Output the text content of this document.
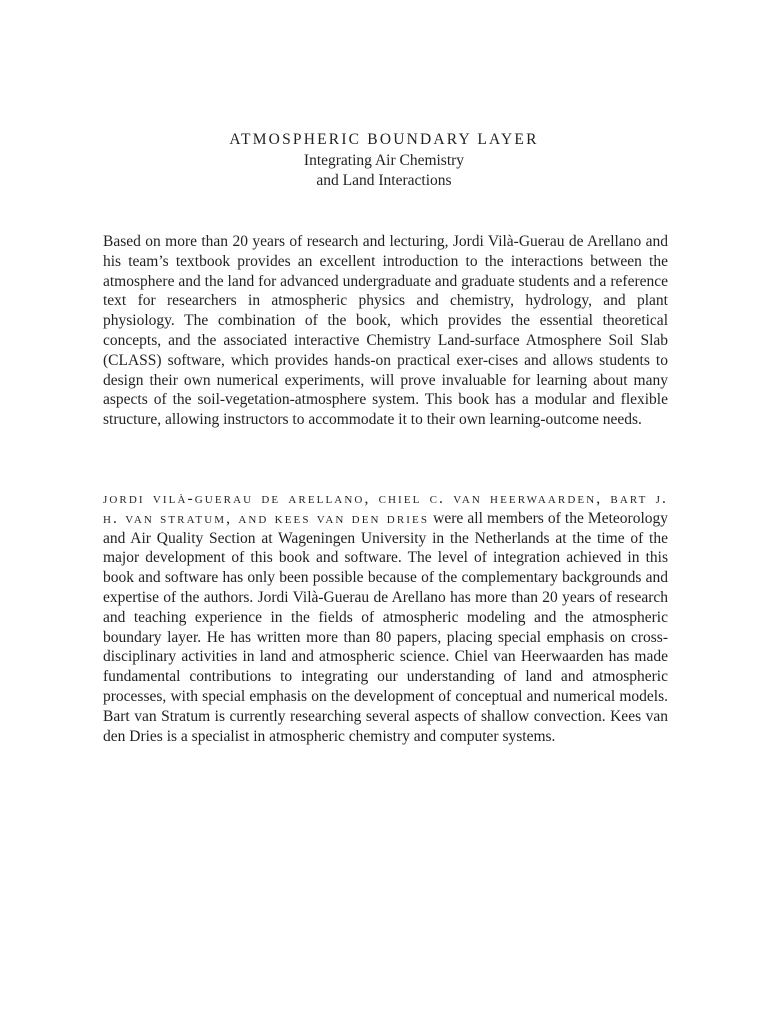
ATMOSPHERIC BOUNDARY LAYER
Integrating Air Chemistry
and Land Interactions

Based on more than 20 years of research and lecturing, Jordi Vilà-Guerau de Arellano and his team’s textbook provides an excellent introduction to the interactions between the atmosphere and the land for advanced undergraduate and graduate students and a reference text for researchers in atmospheric physics and chemistry, hydrology, and plant physiology. The combination of the book, which provides the essential theoretical concepts, and the associated interactive Chemistry Land-surface Atmosphere Soil Slab (CLASS) software, which provides hands-on practical exer-cises and allows students to design their own numerical experiments, will prove invaluable for learning about many aspects of the soil-vegetation-atmosphere system. This book has a modular and flexible structure, allowing instructors to accommodate it to their own learning-outcome needs.

jordi vilà-guerau de arellano, chiel c. van heerwaarden, bart j. h. van stratum, and kees van den dries were all members of the Meteorology and Air Quality Section at Wageningen University in the Netherlands at the time of the major development of this book and software. The level of integration achieved in this book and software has only been possible because of the complementary backgrounds and expertise of the authors. Jordi Vilà-Guerau de Arellano has more than 20 years of research and teaching experience in the fields of atmospheric modeling and the atmospheric boundary layer. He has written more than 80 papers, placing special emphasis on cross-disciplinary activities in land and atmospheric science. Chiel van Heerwaarden has made fundamental contributions to integrating our understanding of land and atmospheric processes, with special emphasis on the development of conceptual and numerical models. Bart van Stratum is currently researching several aspects of shallow convection. Kees van den Dries is a specialist in atmospheric chemistry and computer systems.
